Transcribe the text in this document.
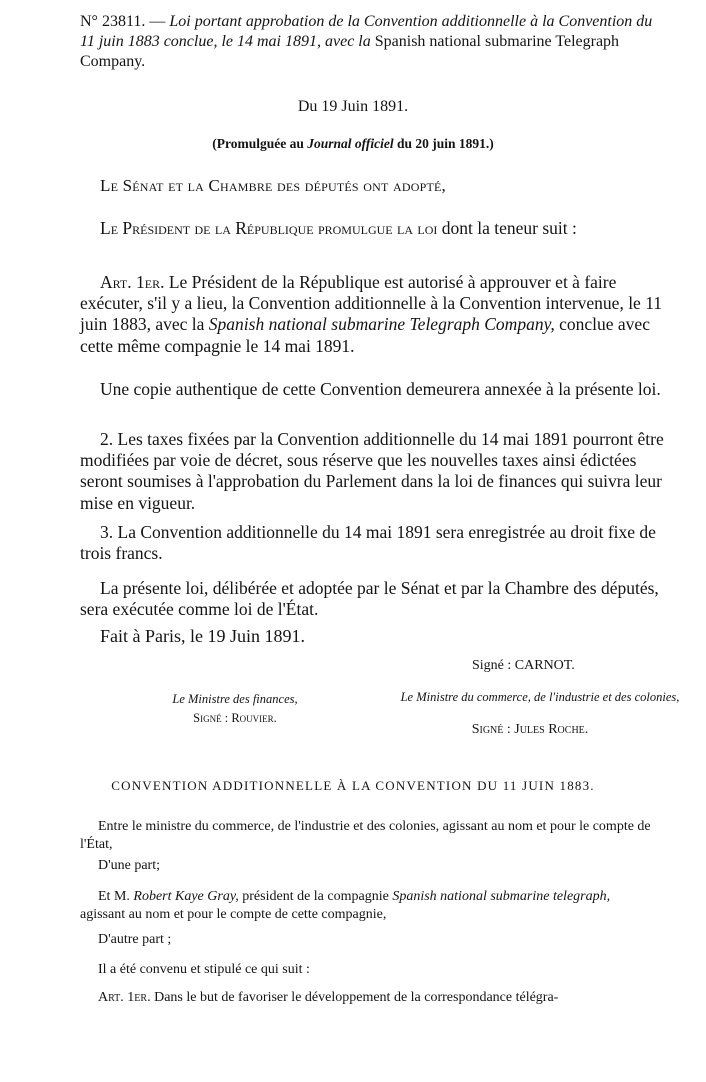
N° 23811. — Loi portant approbation de la Convention additionnelle à la Convention du 11 juin 1883 conclue, le 14 mai 1891, avec la Spanish national submarine Telegraph Company.
Du 19 Juin 1891.
(Promulguée au Journal officiel du 20 juin 1891.)
Le Sénat et la Chambre des députés ont adopté,
Le Président de la République promulgue la loi dont la teneur suit :
Art. 1er. Le Président de la République est autorisé à approuver et à faire exécuter, s'il y a lieu, la Convention additionnelle à la Convention intervenue, le 11 juin 1883, avec la Spanish national submarine Telegraph Company, conclue avec cette même compagnie le 14 mai 1891.
Une copie authentique de cette Convention demeurera annexée à la présente loi.
2. Les taxes fixées par la Convention additionnelle du 14 mai 1891 pourront être modifiées par voie de décret, sous réserve que les nouvelles taxes ainsi édictées seront soumises à l'approbation du Parlement dans la loi de finances qui suivra leur mise en vigueur.
3. La Convention additionnelle du 14 mai 1891 sera enregistrée au droit fixe de trois francs.
La présente loi, délibérée et adoptée par le Sénat et par la Chambre des députés, sera exécutée comme loi de l'État.
Fait à Paris, le 19 Juin 1891.
Signé : CARNOT.
Le Ministre des finances,
Signé : Rouvier.
Le Ministre du commerce, de l'industrie et des colonies,
Signé : Jules Roche.
CONVENTION ADDITIONNELLE À LA CONVENTION DU 11 JUIN 1883.
Entre le ministre du commerce, de l'industrie et des colonies, agissant au nom et pour le compte de l'État,
D'une part;
Et M. Robert Kaye Gray, président de la compagnie Spanish national submarine telegraph, agissant au nom et pour le compte de cette compagnie,
D'autre part ;
Il a été convenu et stipulé ce qui suit :
Art. 1er. Dans le but de favoriser le développement de la correspondance télégra-
